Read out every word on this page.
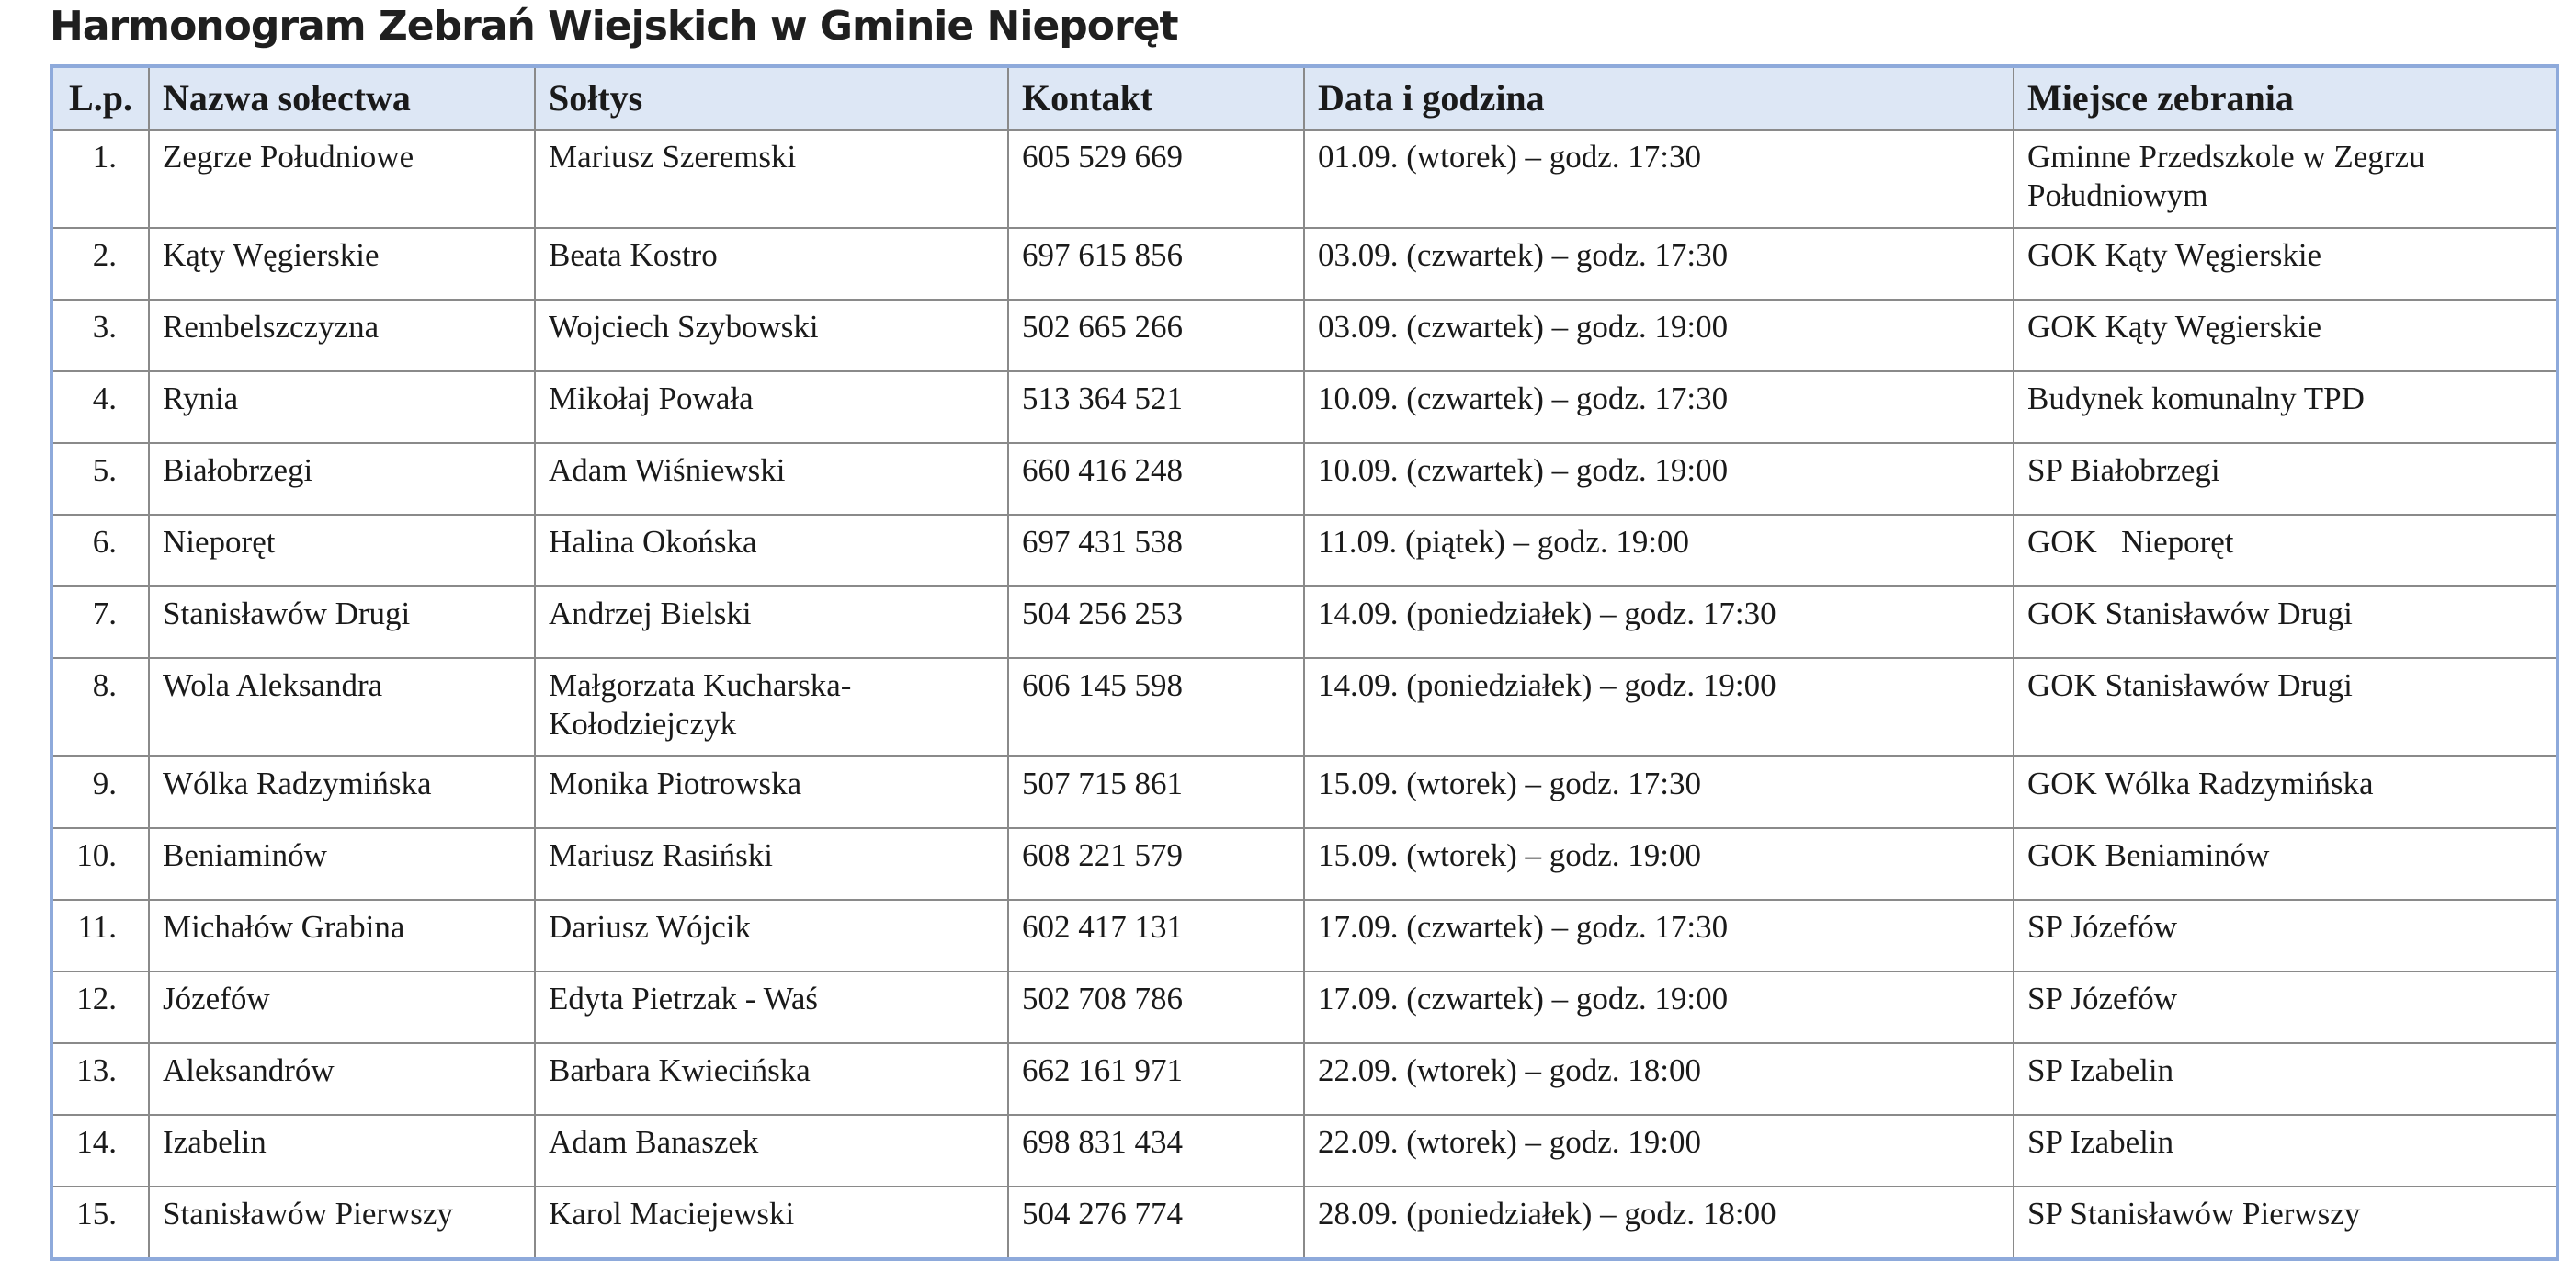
Harmonogram Zebrań Wiejskich w Gminie Nieporęt
L.p.	Nazwa sołectwa	Sołtys	Kontakt	Data i godzina	Miejsce zebrania
1.	Zegrze Południowe	Mariusz Szeremski	605 529 669	01.09. (wtorek) – godz. 17:30	Gminne Przedszkole w Zegrzu Południowym
2.	Kąty Węgierskie	Beata Kostro	697 615 856	03.09. (czwartek) – godz. 17:30	GOK Kąty Węgierskie
3.	Rembelszczyzna	Wojciech Szybowski	502 665 266	03.09. (czwartek) – godz. 19:00	GOK Kąty Węgierskie
4.	Rynia	Mikołaj Powała	513 364 521	10.09. (czwartek) – godz. 17:30	Budynek komunalny TPD
5.	Białobrzegi	Adam Wiśniewski	660 416 248	10.09. (czwartek) – godz. 19:00	SP Białobrzegi
6.	Nieporęt	Halina Okońska	697 431 538	11.09. (piątek) – godz. 19:00	GOK   Nieporęt
7.	Stanisławów Drugi	Andrzej Bielski	504 256 253	14.09. (poniedziałek) – godz. 17:30	GOK Stanisławów Drugi
8.	Wola Aleksandra	Małgorzata Kucharska-Kołodziejczyk	606 145 598	14.09. (poniedziałek) – godz. 19:00	GOK Stanisławów Drugi
9.	Wólka Radzymińska	Monika Piotrowska	507 715 861	15.09. (wtorek) – godz. 17:30	GOK Wólka Radzymińska
10.	Beniaminów	Mariusz Rasiński	608 221 579	15.09. (wtorek) – godz. 19:00	GOK Beniaminów
11.	Michałów Grabina	Dariusz Wójcik	602 417 131	17.09. (czwartek) – godz. 17:30	SP Józefów
12.	Józefów	Edyta Pietrzak - Waś	502 708 786	17.09. (czwartek) – godz. 19:00	SP Józefów
13.	Aleksandrów	Barbara Kwiecińska	662 161 971	22.09. (wtorek) – godz. 18:00	SP Izabelin
14.	Izabelin	Adam Banaszek	698 831 434	22.09. (wtorek) – godz. 19:00	SP Izabelin
15.	Stanisławów Pierwszy	Karol Maciejewski	504 276 774	28.09. (poniedziałek) – godz. 18:00	SP Stanisławów Pierwszy
